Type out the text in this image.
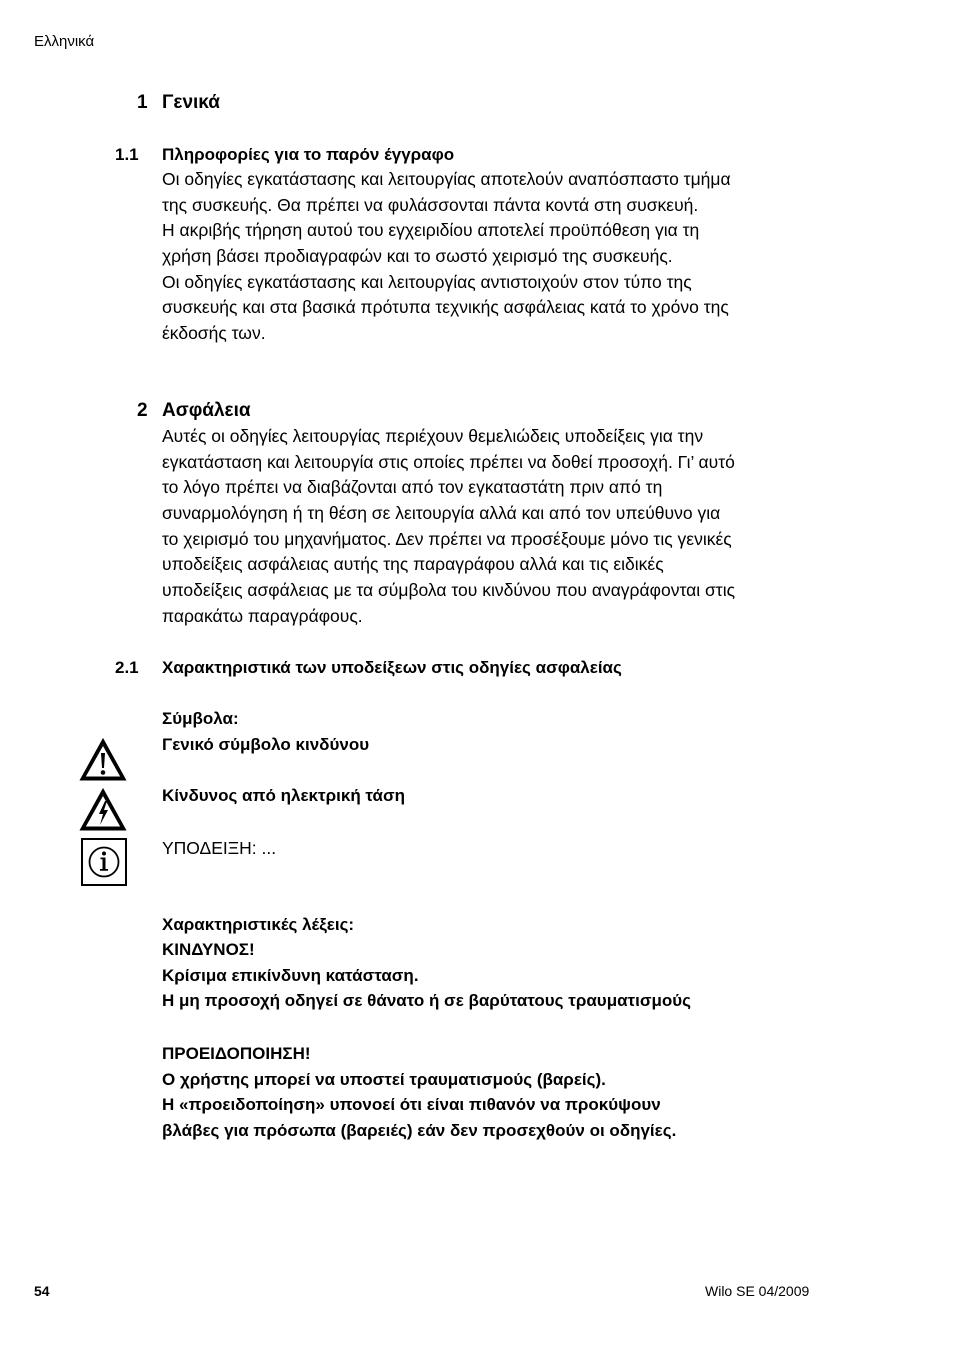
Ελληνικά
1 Γενικά
1.1 Πληροφορίες για το παρόν έγγραφο
Οι οδηγίες εγκατάστασης και λειτουργίας αποτελούν αναπόσπαστο τμήμα
της συσκευής. Θα πρέπει να φυλάσσονται πάντα κοντά στη συσκευή.
Η ακριβής τήρηση αυτού του εγχειριδίου αποτελεί προϋπόθεση για τη
χρήση βάσει προδιαγραφών και το σωστό χειρισμό της συσκευής.
Οι οδηγίες εγκατάστασης και λειτουργίας αντιστοιχούν στον τύπο της
συσκευής και στα βασικά πρότυπα τεχνικής ασφάλειας κατά το χρόνο της
έκδοσής των.
2 Ασφάλεια
Αυτές οι οδηγίες λειτουργίας περιέχουν θεμελιώδεις υποδείξεις για την
εγκατάσταση και λειτουργία στις οποίες πρέπει να δοθεί προσοχή. Γι’ αυτό
το λόγο πρέπει να διαβάζονται από τον εγκαταστάτη πριν από τη
συναρμολόγηση ή τη θέση σε λειτουργία αλλά και από τον υπεύθυνο για
το χειρισμό του μηχανήματος. Δεν πρέπει να προσέξουμε μόνο τις γενικές
υποδείξεις ασφάλειας αυτής της παραγράφου αλλά και τις ειδικές
υποδείξεις ασφάλειας με τα σύμβολα του κινδύνου που αναγράφονται στις
παρακάτω παραγράφους.
2.1 Χαρακτηριστικά των υποδείξεων στις οδηγίες ασφαλείας
Σύμβολα:
Γενικό σύμβολο κινδύνου
Κίνδυνος από ηλεκτρική τάση
ΥΠΟΔΕΙΞΗ: ...
Χαρακτηριστικές λέξεις:
ΚΙΝΔΥΝΟΣ!
Κρίσιμα επικίνδυνη κατάσταση.
Η μη προσοχή οδηγεί σε θάνατο ή σε βαρύτατους τραυματισμούς
ΠΡΟΕΙΔΟΠΟΙΗΣΗ!
Ο χρήστης μπορεί να υποστεί τραυματισμούς (βαρείς).
Η «προειδοποίηση» υπονοεί ότι είναι πιθανόν να προκύψουν
βλάβες για πρόσωπα (βαρειές) εάν δεν προσεχθούν οι οδηγίες.
54	Wilo SE 04/2009
